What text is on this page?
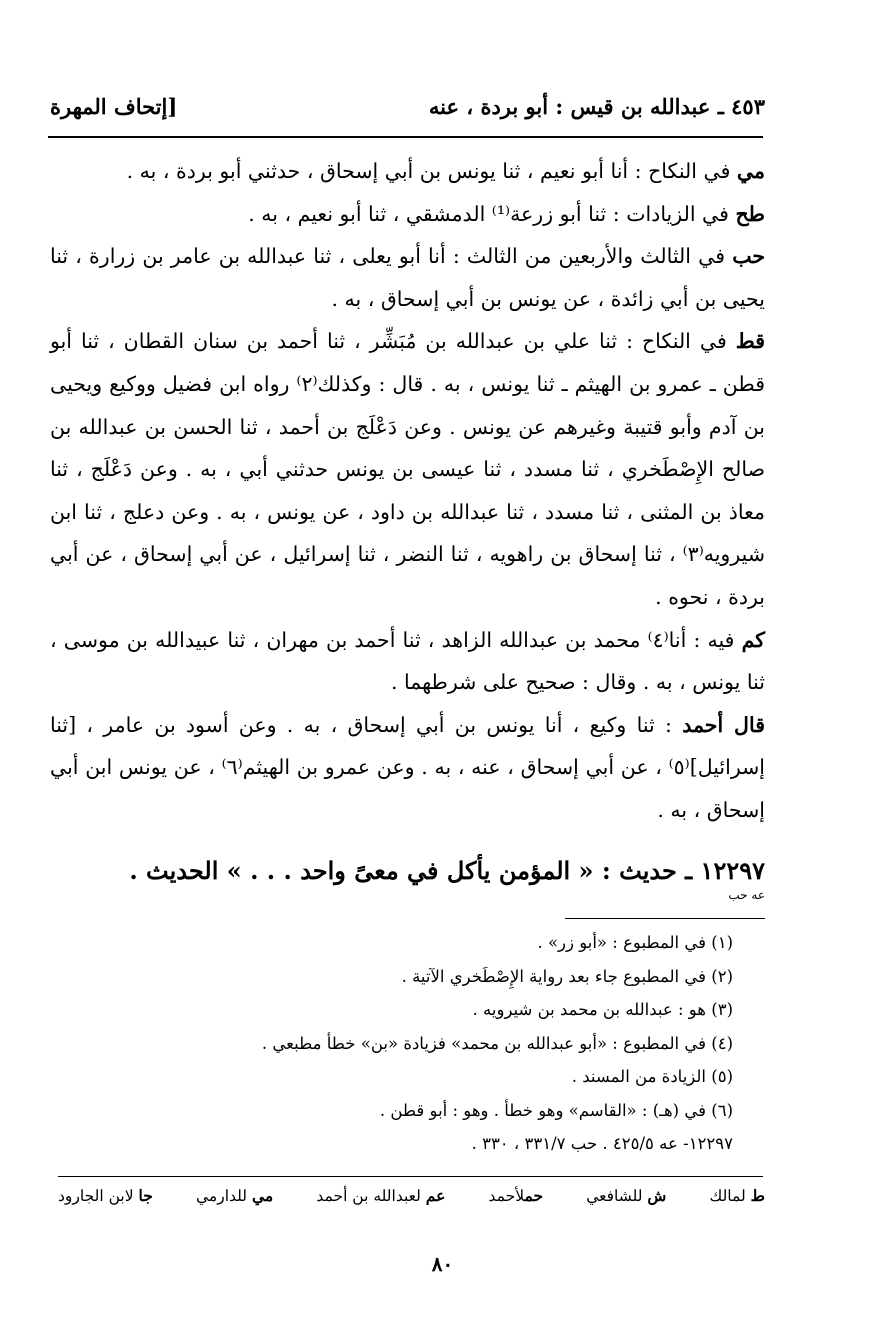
٤٥٣ ـ عبدالله بن قيس : أبو بردة ، عنه
[إتحاف المهرة

مي في النكاح : أنا أبو نعيم ، ثنا يونس بن أبي إسحاق ، حدثني أبو بردة ، به .

طح في الزيادات : ثنا أبو زرعة⁽¹⁾ الدمشقي ، ثنا أبو نعيم ، به .

حب في الثالث والأربعين من الثالث : أنا أبو يعلى ، ثنا عبدالله بن عامر بن زرارة ، ثنا يحيى بن أبي زائدة ، عن يونس بن أبي إسحاق ، به .

قط في النكاح : ثنا علي بن عبدالله بن مُبَشِّر ، ثنا أحمد بن سنان القطان ، ثنا أبو قطن ـ عمرو بن الهيثم ـ ثنا يونس ، به . قال : وكذلك⁽٢⁾ رواه ابن فضيل ووكيع ويحيى بن آدم وأبو قتيبة وغيرهم عن يونس . وعن دَعْلَج بن أحمد ، ثنا الحسن بن عبدالله بن صالح الإِصْطَخري ، ثنا مسدد ، ثنا عيسى بن يونس حدثني أبي ، به . وعن دَعْلَج ، ثنا معاذ بن المثنى ، ثنا مسدد ، ثنا عبدالله بن داود ، عن يونس ، به . وعن دعلج ، ثنا ابن شيرويه⁽٣⁾ ، ثنا إسحاق بن راهويه ، ثنا النضر ، ثنا إسرائيل ، عن أبي إسحاق ، عن أبي بردة ، نحوه .

كم فيه : أنا⁽٤⁾ محمد بن عبدالله الزاهد ، ثنا أحمد بن مهران ، ثنا عبيدالله بن موسى ، ثنا يونس ، به . وقال : صحيح على شرطهما .

قال أحمد : ثنا وكيع ، أنا يونس بن أبي إسحاق ، به . وعن أسود بن عامر ، [ثنا إسرائيل]⁽٥⁾ ، عن أبي إسحاق ، عنه ، به . وعن عمرو بن الهيثم⁽٦⁾ ، عن يونس ابن أبي إسحاق ، به .

١٢٢٩٧ ـ حديث : « المؤمن يأكل في معىً واحد . . . » الحديث .
عه حب
(١) في المطبوع : «أبو زر» .
(٢) في المطبوع جاء بعد رواية الإِصْطَخري الآتية .
(٣) هو : عبدالله بن محمد بن شيرويه .
(٤) في المطبوع : «أبو عبدالله بن محمد» فزيادة «بن» خطأ مطبعي .
(٥) الزيادة من المسند .
(٦) في (هـ) : «القاسم» وهو خطأ . وهو : أبو قطن .
١٢٢٩٧- عه ٤٢٥/٥ . حب ٣٣١/٧ ، ٣٣٠ .
ط لمالك
ش للشافعي
حملأحمد
عم لعبدالله بن أحمد
مي للدارمي
جا لابن الجارود
٨٠
